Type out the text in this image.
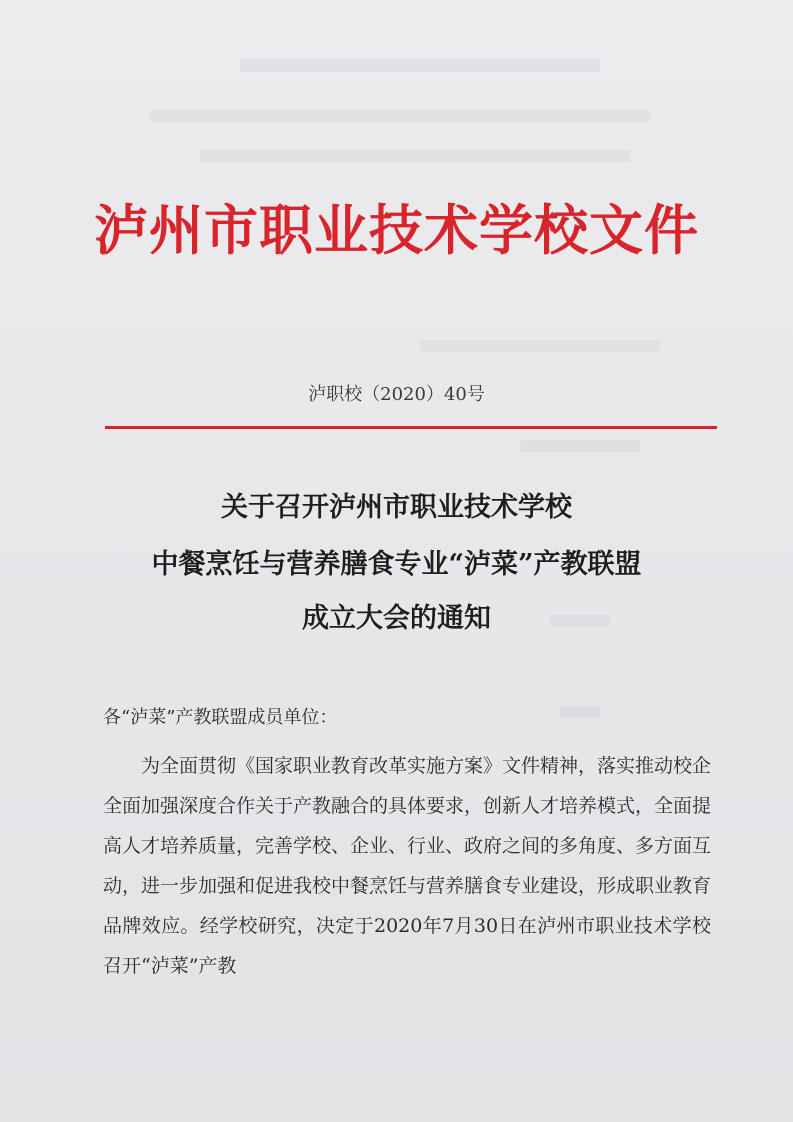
泸州市职业技术学校文件
泸职校（2020）40号
关于召开泸州市职业技术学校
中餐烹饪与营养膳食专业“泸菜”产教联盟
成立大会的通知
各“泸菜”产教联盟成员单位：

为全面贯彻《国家职业教育改革实施方案》文件精神，落实推动校企全面加强深度合作关于产教融合的具体要求，创新人才培养模式，全面提高人才培养质量，完善学校、企业、行业、政府之间的多角度、多方面互动，进一步加强和促进我校中餐烹饪与营养膳食专业建设，形成职业教育品牌效应。经学校研究，决定于2020年7月30日在泸州市职业技术学校召开“泸菜”产教
